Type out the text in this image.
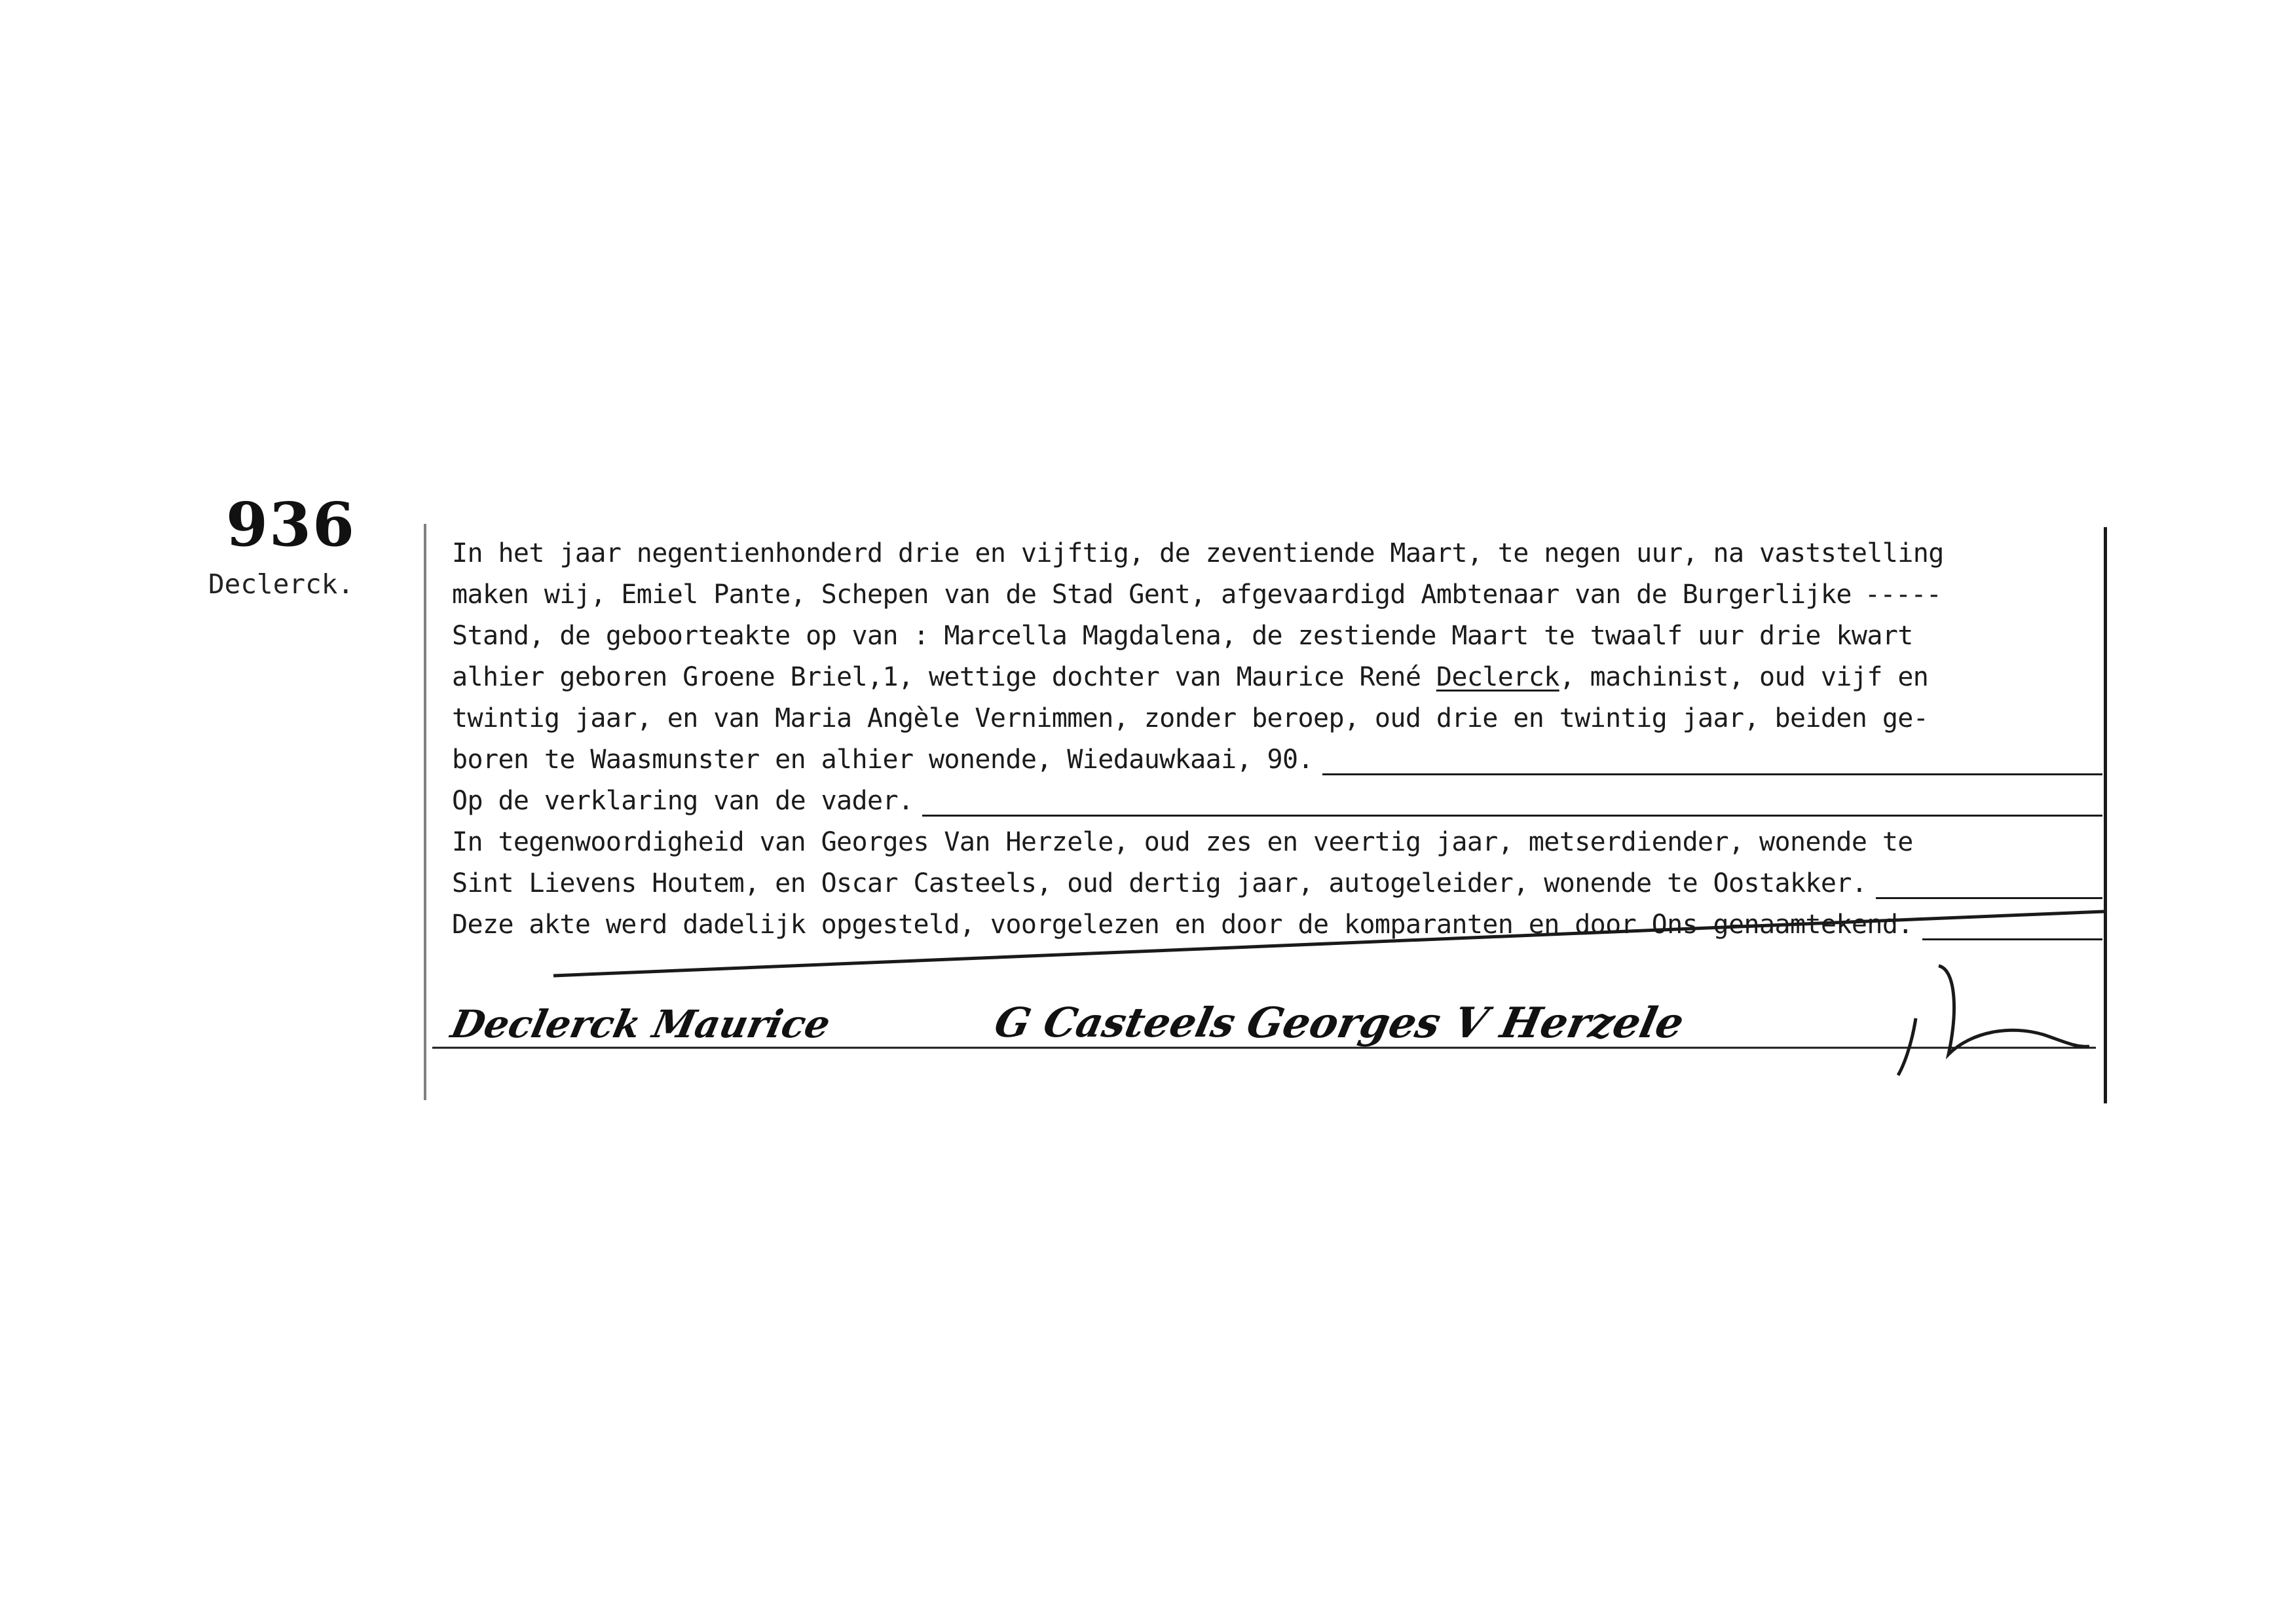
936
Declerck.
In het jaar negentienhonderd drie en vijftig, de zeventiende Maart, te negen uur, na vaststelling
maken wij, Emiel Pante, Schepen van de Stad Gent, afgevaardigd Ambtenaar van de Burgerlijke -----
Stand, de geboorteakte op van : Marcella Magdalena, de zestiende Maart te twaalf uur drie kwart
alhier geboren Groene Briel,1, wettige dochter van Maurice René Declerck , machinist, oud vijf en
twintig jaar, en van Maria Angèle Vernimmen, zonder beroep, oud drie en twintig jaar, beiden ge-
boren te Waasmunster en alhier wonende, Wiedauwkaai, 90.
Op de verklaring van de vader.
In tegenwoordigheid van Georges Van Herzele, oud zes en veertig jaar, metserdiender, wonende te
Sint Lievens Houtem, en Oscar Casteels, oud dertig jaar, autogeleider, wonende te Oostakker.
Deze akte werd dadelijk opgesteld, voorgelezen en door de komparanten en door Ons genaamtekend.
Declerck Maurice	G Casteels Georges V Herzele
